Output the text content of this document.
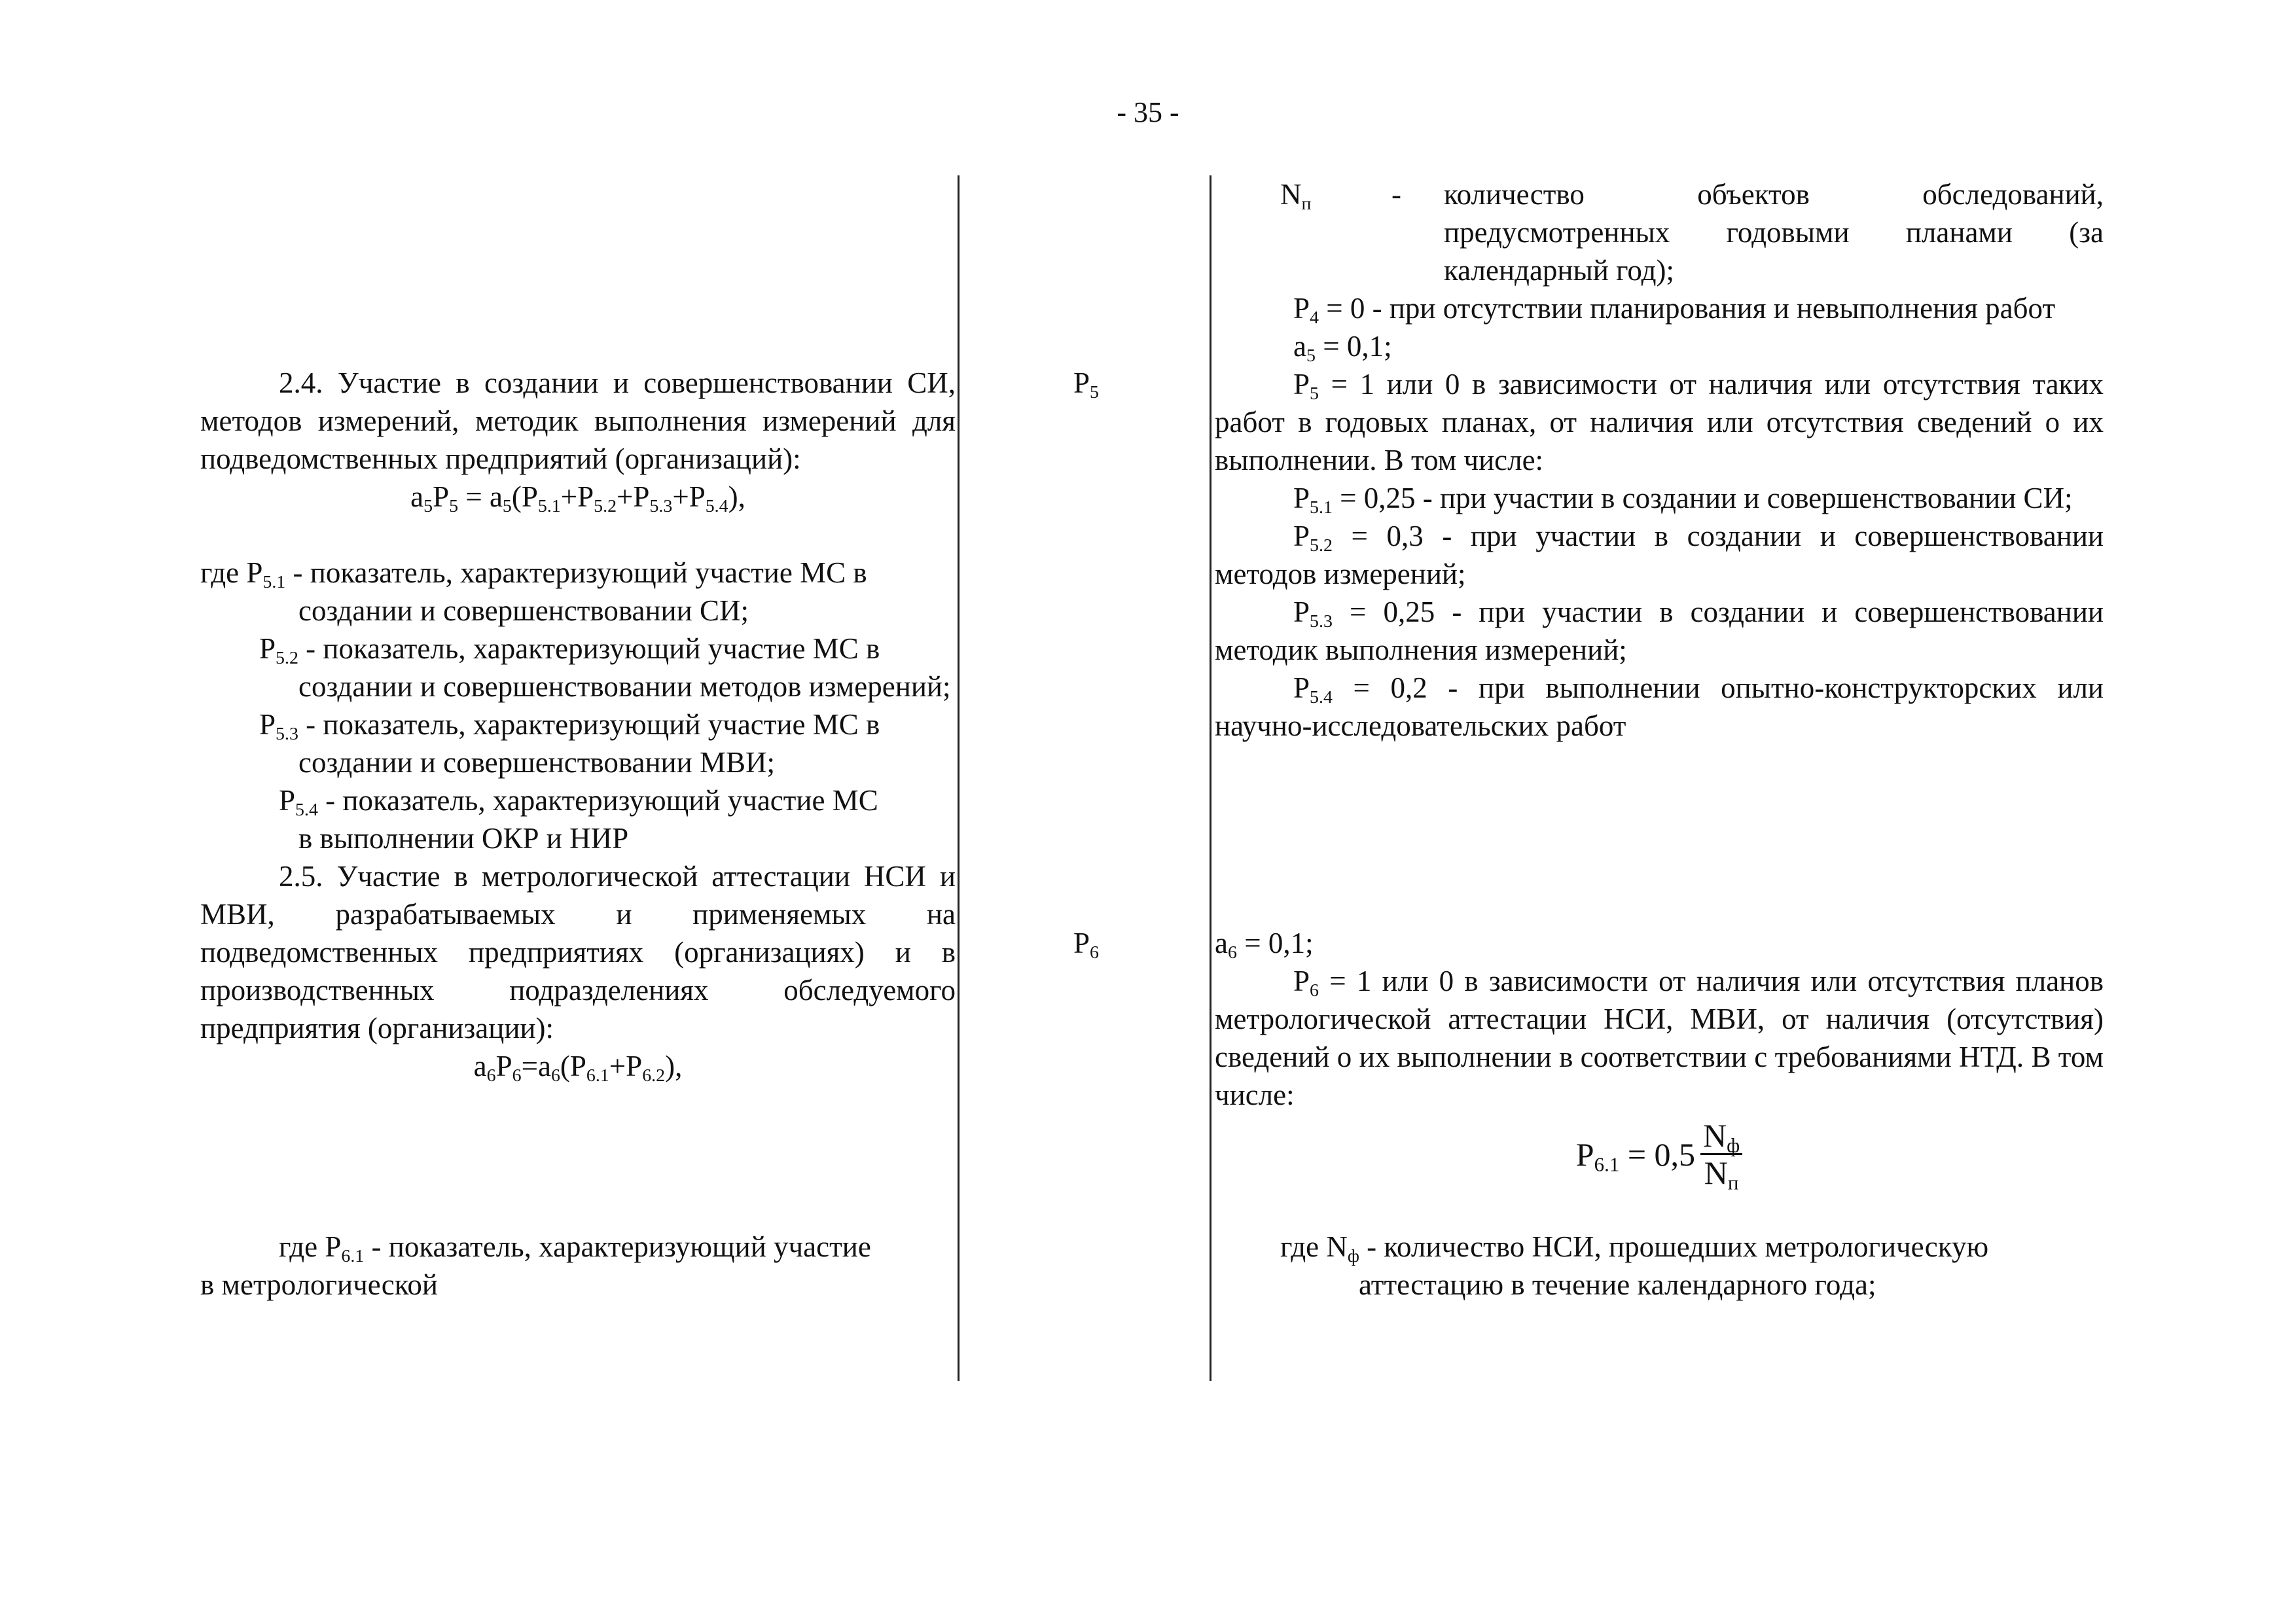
- 35 -

2.4. Участие в создании и совершенствовании СИ, методов измерений, методик выполнения измерений для подведомственных предприятий (организаций):

$a_5P_5 = a_5(P_{5.1}+P_{5.2}+P_{5.3}+P_{5.4})$,

где $P_{5.1}$ - показатель, характеризующий участие МС в

создании и совершенствовании СИ;

$P_{5.2}$ - показатель, характеризующий участие МС в

создании и совершенствовании методов измерений;

$P_{5.3}$ - показатель, характеризующий участие МС в

создании и совершенствовании МВИ;

$P_{5.4}$ - показатель, характеризующий участие МС

в выполнении ОКР и НИР

2.5. Участие в метрологической аттестации НСИ и МВИ, разрабатываемых и применяемых на подведомственных предприятиях (организациях) и в производственных подразделениях обследуемого предприятия (организации):

$a_6P_6=a_6(P_{6.1}+P_{6.2})$,

где $P_{6.1}$ - показатель, характеризующий участие

в метрологической

$P_5$
$P_6$
$N_п$	-	количество объектов обследований, предусмотренных годовыми планами (за календарный год);

$P_4 = 0$ - при отсутствии планирования и невыполнения работ

$a_5 = 0,1$;

$P_5 = 1$ или 0 в зависимости от наличия или отсутствия таких работ в годовых планах, от наличия или отсутствия сведений о их выполнении. В том числе:

$P_{5.1} = 0,25$ - при участии в создании и совершенствовании СИ;

$P_{5.2} = 0,3$ - при участии в создании и совершенствовании методов измерений;

$P_{5.3} = 0,25$ - при участии в создании и совершенствовании методик выполнения измерений;

$P_{5.4} = 0,2$ - при выполнении опытно-конструкторских или научно-исследовательских работ

$a_6 = 0,1$;

$P_6 = 1$ или 0 в зависимости от наличия или отсутствия планов метрологической аттестации НСИ, МВИ, от наличия (отсутствия) сведений о их выполнении в соответствии с требованиями НТД. В том числе:

$P_{6.1} = 0,5 \frac{N_ф}{N_п}$

где $N_ф$ - количество НСИ, прошедших метрологическую

аттестацию в течение календарного года;
